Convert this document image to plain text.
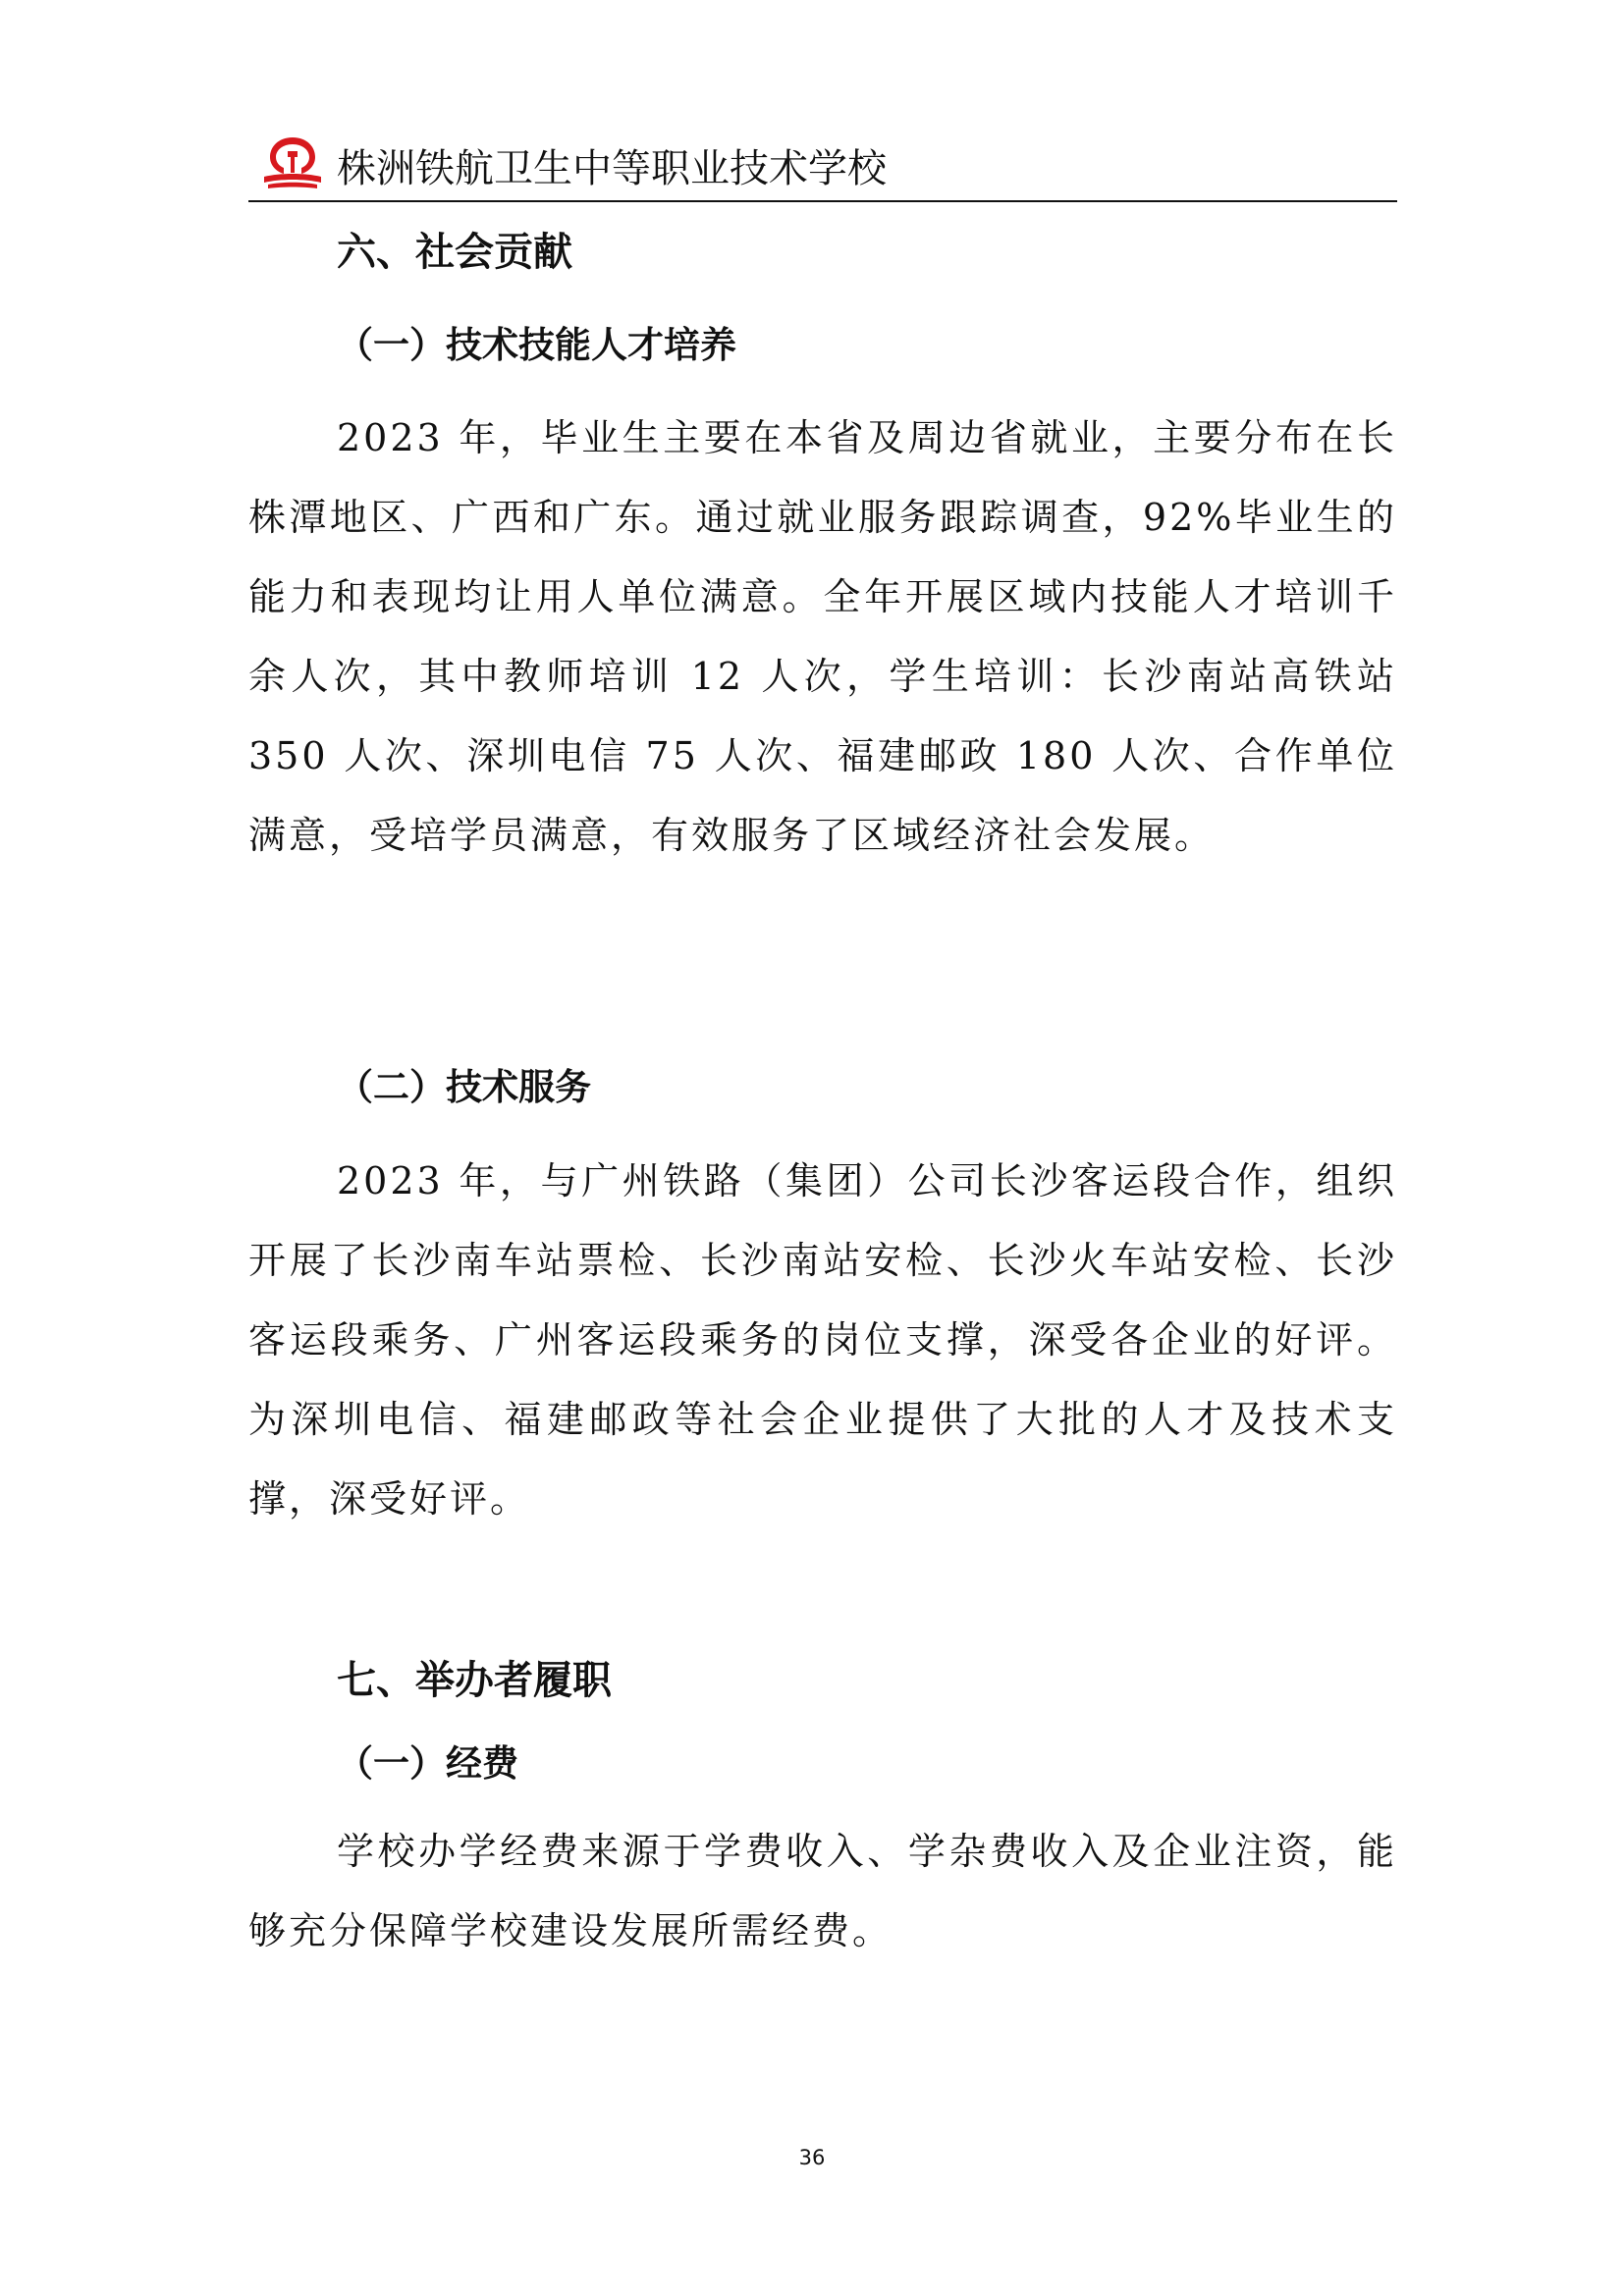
株洲铁航卫生中等职业技术学校
六、社会贡献
（一）技术技能人才培养

2023 年，毕业生主要在本省及周边省就业，主要分布在长株潭地区、广西和广东。通过就业服务跟踪调查，92%毕业生的能力和表现均让用人单位满意。全年开展区域内技能人才培训千余人次，其中教师培训 12 人次，学生培训：长沙南站高铁站 350 人次、深圳电信 75 人次、福建邮政 180 人次、合作单位满意，受培学员满意，有效服务了区域经济社会发展。

（二）技术服务

2023 年，与广州铁路（集团）公司长沙客运段合作，组织开展了长沙南车站票检、长沙南站安检、长沙火车站安检、长沙客运段乘务、广州客运段乘务的岗位支撑，深受各企业的好评。为深圳电信、福建邮政等社会企业提供了大批的人才及技术支撑，深受好评。

七、举办者履职
（一）经费

学校办学经费来源于学费收入、学杂费收入及企业注资，能够充分保障学校建设发展所需经费。

36
